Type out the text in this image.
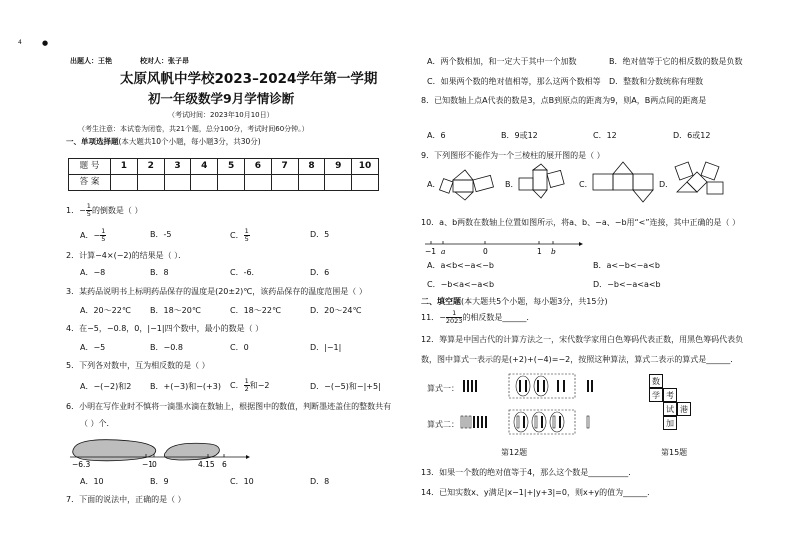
4	●
出题人：王艳	校对人：张子昂
太原风帆中学校2023–2024学年第一学期
初一年级数学9月学情诊断
（考试时间：2023年10月10日）
（考生注意：本试卷为闭卷，共21个题，总分100分，考试时间60分钟。）
一、单项选择题(本大题共10个小题，每小题3分，共30分)
题 号	1	2	3	4	5	6	7	8	9	10
答 案										
1．− $\frac{1}{5}$ 的倒数是（ ）
A．− $\frac{1}{5}$	B．-5	C． $\frac{1}{5}$	D．5
2．计算−4×(−2)的结果是（ ）．
A．−8	B．8	C．-6．	D．6
3．某药品说明书上标明药品保存的温度是(20±2)℃，该药品保存的温度范围是（ ）
A．20～22℃ B．18～20℃	C．18～22℃	D．20～24℃
4．在−5，−0.8，0，|−1|四个数中，最小的数是（ ）
A．−5	B．−0.8	C．0	D．|−1|
5．下列各对数中，互为相反数的是（ ）
A．−(−2)和2 B．+(−3)和−(+3) C． $\frac{1}{2}$ 和−2	D．−(−5)和−|+5|
6．小明在写作业时不慎将一滴墨水滴在数轴上，根据图中的数值，判断墨迹盖住的整数共有
（ ）个．
−6.3	−1
0	4.15 6
A．10	B．9	C．10	D．8
7．下面的说法中，正确的是（ ）
A．两个数相加，和一定大于其中一个加数	B．绝对值等于它的相反数的数是负数
C．如果两个数的绝对值相等，那么这两个数相等 D．整数和分数统称有理数
8．已知数轴上点A代表的数是3，点B到原点的距离为9，则A，B两点间的距离是
A．6	B．9或12	C．12	D．6或12
9．下列图形不能作为一个三棱柱的展开图的是（ ）
A．	B．	C．	D．
10．a、b两数在数轴上位置如图所示，将a、b、−a、−b用“<”连接，其中正确的是（ ）
−1 a	0	1 b
A．a<b<−a<−b	B．a<−b<−a<b
C．−b<a<−a<b	D．−b<−a<a<b
二、填空题(本大题共5个小题，每小题3分，共15分)
11．− $\frac{1}{2023}$ 的相反数是______．
12．筹算是中国古代的计算方法之一，宋代数学家用白色筹码代表正数，用黑色筹码代表负
数，图中算式一表示的是(+2)+(−4)=−2，按照这种算法，算式二表示的算式是______．
算式一：
算式二：
第12题
数
学 考
试 港
加
第15题
13．如果一个数的绝对值等于4，那么这个数是__________．
14．已知实数x、y满足|x−1|+|y+3|=0，则x+y的值为______．
